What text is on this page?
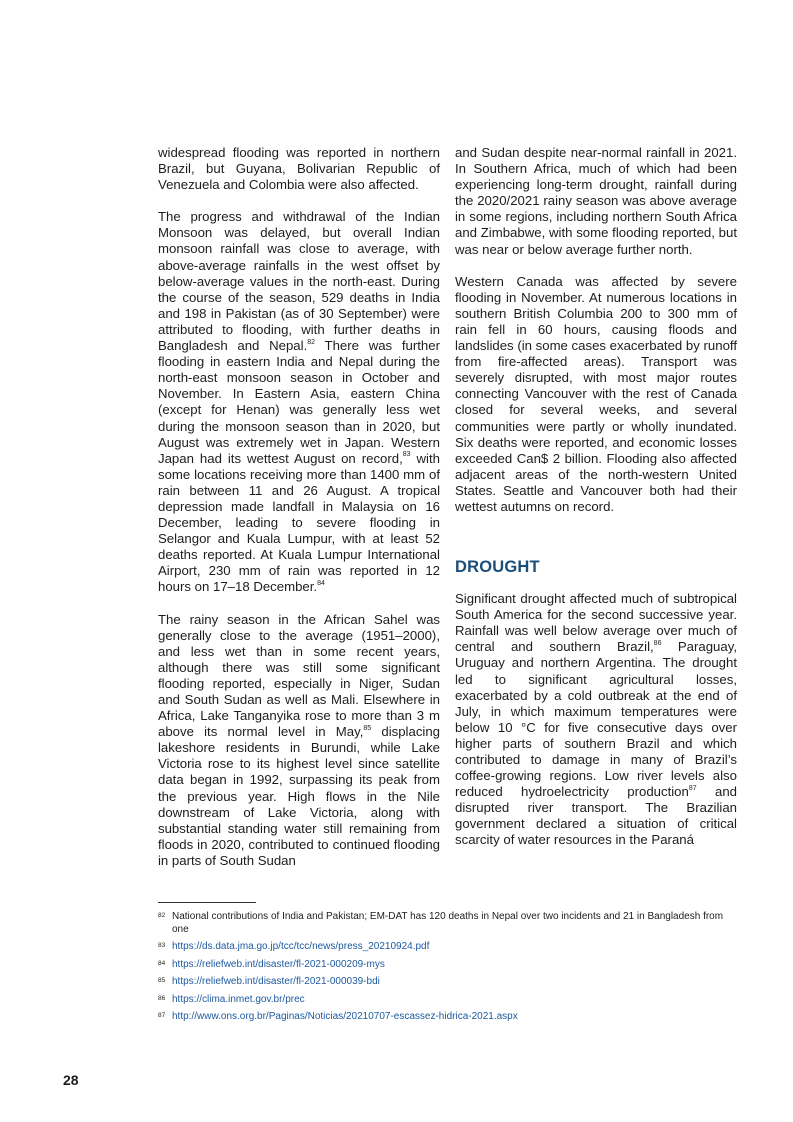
widespread flooding was reported in northern Brazil, but Guyana, Bolivarian Republic of Venezuela and Colombia were also affected.

The progress and withdrawal of the Indian Monsoon was delayed, but overall Indian monsoon rainfall was close to average, with above-average rainfalls in the west offset by below-average values in the north-east. During the course of the season, 529 deaths in India and 198 in Pakistan (as of 30 September) were attributed to flooding, with further deaths in Bangladesh and Nepal.$^{82}$ There was further flooding in eastern India and Nepal during the north-east monsoon season in October and November. In Eastern Asia, eastern China (except for Henan) was generally less wet during the monsoon season than in 2020, but August was extremely wet in Japan. Western Japan had its wettest August on record,$^{83}$ with some locations receiving more than 1400 mm of rain between 11 and 26 August. A tropical depression made landfall in Malaysia on 16 December, leading to severe flooding in Selangor and Kuala Lumpur, with at least 52 deaths reported. At Kuala Lumpur International Airport, 230 mm of rain was reported in 12 hours on 17–18 December.$^{84}$

The rainy season in the African Sahel was generally close to the average (1951–2000), and less wet than in some recent years, although there was still some significant flooding reported, especially in Niger, Sudan and South Sudan as well as Mali. Elsewhere in Africa, Lake Tanganyika rose to more than 3 m above its normal level in May,$^{85}$ displacing lakeshore residents in Burundi, while Lake Victoria rose to its highest level since satellite data began in 1992, surpassing its peak from the previous year. High flows in the Nile downstream of Lake Victoria, along with substantial standing water still remaining from floods in 2020, contributed to continued flooding in parts of South Sudan

and Sudan despite near-normal rainfall in 2021. In Southern Africa, much of which had been experiencing long-term drought, rainfall during the 2020/2021 rainy season was above average in some regions, including northern South Africa and Zimbabwe, with some flooding reported, but was near or below average further north.

Western Canada was affected by severe flooding in November. At numerous locations in southern British Columbia 200 to 300 mm of rain fell in 60 hours, causing floods and landslides (in some cases exacerbated by runoff from fire-affected areas). Transport was severely disrupted, with most major routes connecting Vancouver with the rest of Canada closed for several weeks, and several communities were partly or wholly inundated. Six deaths were reported, and economic losses exceeded Can$ 2 billion. Flooding also affected adjacent areas of the north-western United States. Seattle and Vancouver both had their wettest autumns on record.

DROUGHT

Significant drought affected much of subtropical South America for the second successive year. Rainfall was well below average over much of central and southern Brazil,$^{86}$ Paraguay, Uruguay and northern Argentina. The drought led to significant agricultural losses, exacerbated by a cold outbreak at the end of July, in which maximum temperatures were below 10 °C for five consecutive days over higher parts of southern Brazil and which contributed to damage in many of Brazil’s coffee-growing regions. Low river levels also reduced hydroelectricity production$^{87}$ and disrupted river transport. The Brazilian government declared a situation of critical scarcity of water resources in the Paraná

82 National contributions of India and Pakistan; EM-DAT has 120 deaths in Nepal over two incidents and 21 in Bangladesh from one
83 https://ds.data.jma.go.jp/tcc/tcc/news/press_20210924.pdf
84 https://reliefweb.int/disaster/fl-2021-000209-mys
85 https://reliefweb.int/disaster/fl-2021-000039-bdi
86 https://clima.inmet.gov.br/prec
87 http://www.ons.org.br/Paginas/Noticias/20210707-escassez-hidrica-2021.aspx
28
